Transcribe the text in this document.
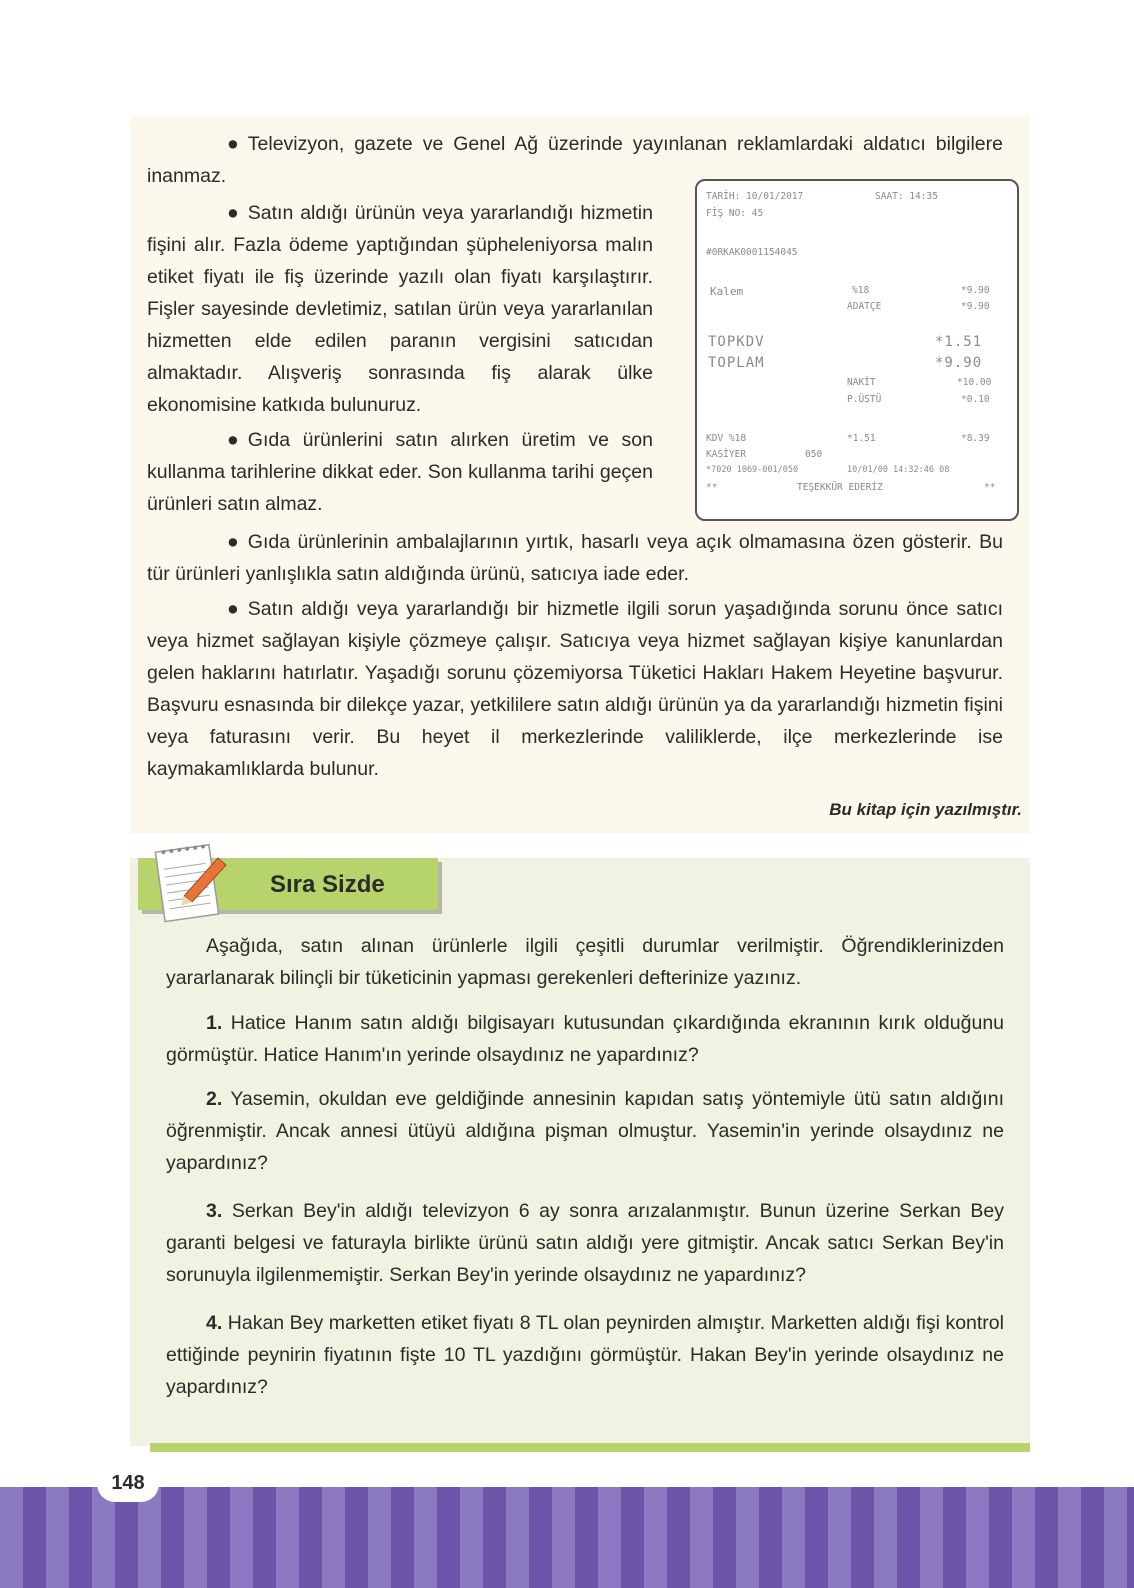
● Televizyon, gazete ve Genel Ağ üzerinde yayınlanan reklamlardaki aldatıcı bilgilere inanmaz.

● Satın aldığı ürünün veya yararlandığı hizmetin fişini alır. Fazla ödeme yaptığından şüpheleniyorsa malın etiket fiyatı ile fiş üzerinde yazılı olan fiyatı karşılaştırır. Fişler sayesinde devletimiz, satılan ürün veya yararlanılan hizmetten elde edilen paranın vergisini satıcıdan almaktadır. Alışveriş sonrasında fiş alarak ülke ekonomisine katkıda bulunuruz.

● Gıda ürünlerini satın alırken üretim ve son kullanma tarihlerine dikkat eder. Son kullanma tarihi geçen ürünleri satın almaz.

● Gıda ürünlerinin ambalajlarının yırtık, hasarlı veya açık olmamasına özen gösterir. Bu tür ürünleri yanlışlıkla satın aldığında ürünü, satıcıya iade eder.

● Satın aldığı veya yararlandığı bir hizmetle ilgili sorun yaşadığında sorunu önce satıcı veya hizmet sağlayan kişiyle çözmeye çalışır. Satıcıya veya hizmet sağlayan kişiye kanunlardan gelen haklarını hatırlatır. Yaşadığı sorunu çözemiyorsa Tüketici Hakları Hakem Heyetine başvurur. Başvuru esnasında bir dilekçe yazar, yetkililere satın aldığı ürünün ya da yararlandığı hizmetin fişini veya faturasını verir. Bu heyet il merkezlerinde valiliklerde, ilçe merkezlerinde ise kaymakamlıklarda bulunur.

Bu kitap için yazılmıştır.
TARİH: 10/01/2017	SAAT: 14:35
FİŞ NO: 45
#0RKAK0001154045
Kalem	%18	*9.90
ADATÇE	*9.90
TOPKDV	*1.51
TOPLAM	*9.90
NAKİT	*10.00
P.ÜSTÜ	*0.10
KDV %18	*1.51	*8.39
KASİYER	050
*7020 1069-001/050	10/01/00 14:32:46 08
**	TEŞEKKÜR EDERİZ	**
Sıra Sizde

Aşağıda, satın alınan ürünlerle ilgili çeşitli durumlar verilmiştir. Öğrendiklerinizden yararlanarak bilinçli bir tüketicinin yapması gerekenleri defterinize yazınız.

1. Hatice Hanım satın aldığı bilgisayarı kutusundan çıkardığında ekranının kırık olduğunu görmüştür. Hatice Hanım'ın yerinde olsaydınız ne yapardınız?

2. Yasemin, okuldan eve geldiğinde annesinin kapıdan satış yöntemiyle ütü satın aldığını öğrenmiştir. Ancak annesi ütüyü aldığına pişman olmuştur. Yasemin'in yerinde olsaydınız ne yapardınız?

3. Serkan Bey'in aldığı televizyon 6 ay sonra arızalanmıştır. Bunun üzerine Serkan Bey garanti belgesi ve faturayla birlikte ürünü satın aldığı yere gitmiştir. Ancak satıcı Serkan Bey'in sorunuyla ilgilenmemiştir. Serkan Bey'in yerinde olsaydınız ne yapardınız?

4. Hakan Bey marketten etiket fiyatı 8 TL olan peynirden almıştır. Marketten aldığı fişi kontrol ettiğinde peynirin fiyatının fişte 10 TL yazdığını görmüştür. Hakan Bey'in yerinde olsaydınız ne yapardınız?

148
